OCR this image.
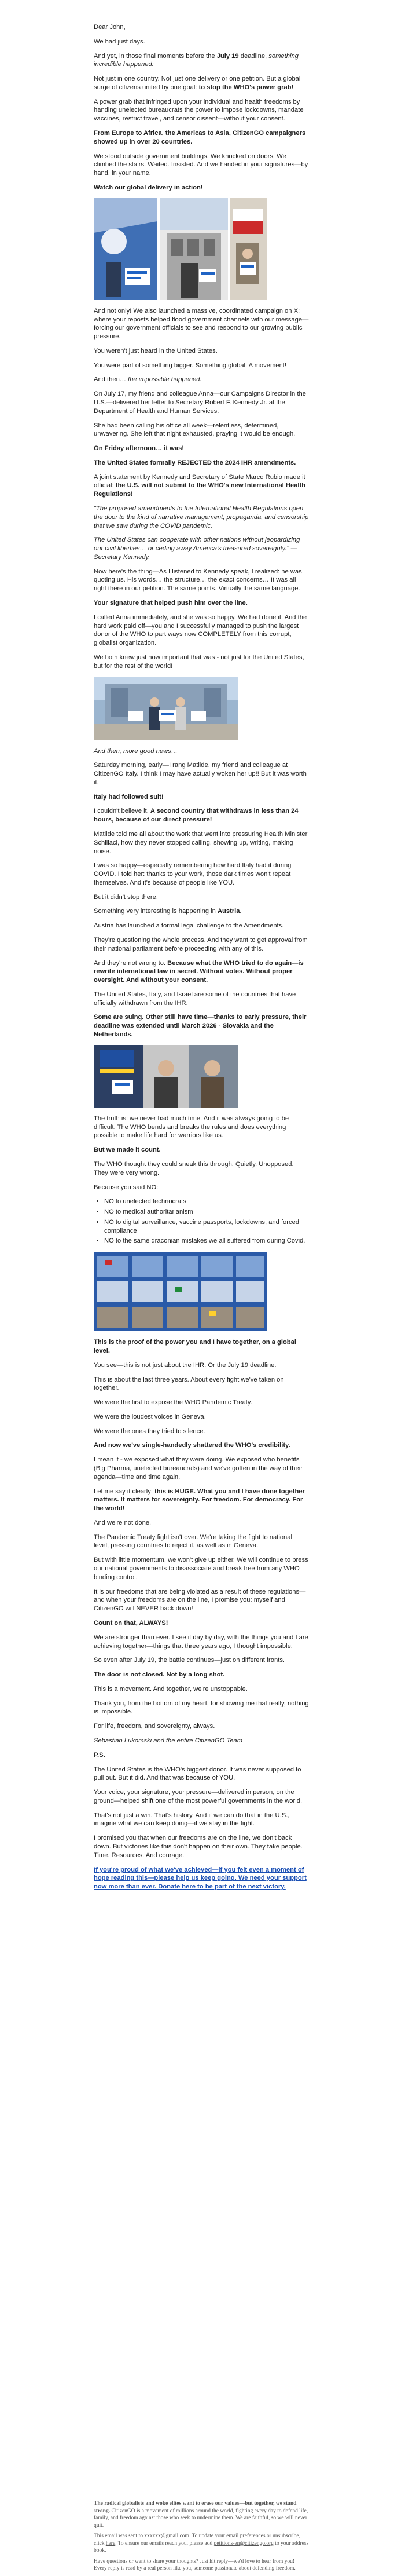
Dear John,

We had just days.

And yet, in those final moments before the July 19 deadline, something incredible happened:

Not just in one country. Not just one delivery or one petition. But a global surge of citizens united by one goal: to stop the WHO's power grab!

A power grab that infringed upon your individual and health freedoms by handing unelected bureaucrats the power to impose lockdowns, mandate vaccines, restrict travel, and censor dissent—without your consent.

From Europe to Africa, the Americas to Asia, CitizenGO campaigners showed up in over 20 countries.

We stood outside government buildings. We knocked on doors. We climbed the stairs. Waited. Insisted. And we handed in your signatures—by hand, in your name.

Watch our global delivery in action!

And not only! We also launched a massive, coordinated campaign on X; where your reposts helped flood government channels with our message—forcing our government officials to see and respond to our growing public pressure.

You weren't just heard in the United States.

You were part of something bigger. Something global. A movement!

And then… the impossible happened.

On July 17, my friend and colleague Anna—our Campaigns Director in the U.S.—delivered her letter to Secretary Robert F. Kennedy Jr. at the Department of Health and Human Services.

She had been calling his office all week—relentless, determined, unwavering. She left that night exhausted, praying it would be enough.

On Friday afternoon… it was!

The United States formally REJECTED the 2024 IHR amendments.

A joint statement by Kennedy and Secretary of State Marco Rubio made it official: the U.S. will not submit to the WHO's new International Health Regulations!

"The proposed amendments to the International Health Regulations open the door to the kind of narrative management, propaganda, and censorship that we saw during the COVID pandemic.

The United States can cooperate with other nations without jeopardizing our civil liberties… or ceding away America's treasured sovereignty." — Secretary Kennedy.

Now here's the thing—As I listened to Kennedy speak, I realized: he was quoting us. His words… the structure… the exact concerns… It was all right there in our petition. The same points. Virtually the same language.

Your signature that helped push him over the line.

I called Anna immediately, and she was so happy. We had done it. And the hard work paid off—you and I successfully managed to push the largest donor of the WHO to part ways now COMPLETELY from this corrupt, globalist organization.

We both knew just how important that was - not just for the United States, but for the rest of the world!

And then, more good news…

Saturday morning, early—I rang Matilde, my friend and colleague at CitizenGO Italy. I think I may have actually woken her up!! But it was worth it.

Italy had followed suit!

I couldn't believe it. A second country that withdraws in less than 24 hours, because of our direct pressure!

Matilde told me all about the work that went into pressuring Health Minister Schillaci, how they never stopped calling, showing up, writing, making noise.

I was so happy—especially remembering how hard Italy had it during COVID. I told her: thanks to your work, those dark times won't repeat themselves. And it's because of people like YOU.

But it didn't stop there.

Something very interesting is happening in Austria.

Austria has launched a formal legal challenge to the Amendments.

They're questioning the whole process. And they want to get approval from their national parliament before proceeding with any of this.

And they're not wrong to. Because what the WHO tried to do again—is rewrite international law in secret. Without votes. Without proper oversight. And without your consent.

The United States, Italy, and Israel are some of the countries that have officially withdrawn from the IHR.

Some are suing. Other still have time—thanks to early pressure, their deadline was extended until March 2026 - Slovakia and the Netherlands.

The truth is: we never had much time. And it was always going to be difficult. The WHO bends and breaks the rules and does everything possible to make life hard for warriors like us.

But we made it count.

The WHO thought they could sneak this through. Quietly. Unopposed. They were very wrong.

Because you said NO:

• NO to unelected technocrats
• NO to medical authoritarianism
• NO to digital surveillance, vaccine passports, lockdowns, and forced compliance
• NO to the same draconian mistakes we all suffered from during Covid.

This is the proof of the power you and I have together, on a global level.

You see—this is not just about the IHR. Or the July 19 deadline.

This is about the last three years. About every fight we've taken on together.

We were the first to expose the WHO Pandemic Treaty.

We were the loudest voices in Geneva.

We were the ones they tried to silence.

And now we've single-handedly shattered the WHO's credibility.

I mean it - we exposed what they were doing. We exposed who benefits (Big Pharma, unelected bureaucrats) and we've gotten in the way of their agenda—time and time again.

Let me say it clearly: this is HUGE. What you and I have done together matters. It matters for sovereignty. For freedom. For democracy. For the world!

And we're not done.

The Pandemic Treaty fight isn't over. We're taking the fight to national level, pressing countries to reject it, as well as in Geneva.

But with little momentum, we won't give up either. We will continue to press our national governments to disassociate and break free from any WHO binding control.

It is our freedoms that are being violated as a result of these regulations—and when your freedoms are on the line, I promise you: myself and CitizenGO will NEVER back down!

Count on that, ALWAYS!

We are stronger than ever. I see it day by day, with the things you and I are achieving together—things that three years ago, I thought impossible.

So even after July 19, the battle continues—just on different fronts.

The door is not closed. Not by a long shot.

This is a movement. And together, we're unstoppable.

Thank you, from the bottom of my heart, for showing me that really, nothing is impossible.

For life, freedom, and sovereignty, always.

Sebastian Lukomski and the entire CitizenGO Team

P.S.

The United States is the WHO's biggest donor. It was never supposed to pull out. But it did. And that was because of YOU.

Your voice, your signature, your pressure—delivered in person, on the ground—helped shift one of the most powerful governments in the world.

That's not just a win. That's history. And if we can do that in the U.S., imagine what we can keep doing—if we stay in the fight.

I promised you that when our freedoms are on the line, we don't back down. But victories like this don't happen on their own. They take people. Time. Resources. And courage.

If you're proud of what we've achieved—if you felt even a moment of hope reading this—please help us keep going. We need your support now more than ever. Donate here to be part of the next victory.

The radical globalists and woke elites want to erase our values—but together, we stand strong. CitizenGO is a movement of millions around the world, fighting every day to defend life, family, and freedom against those who seek to undermine them. We are faithful, so we will never quit.

This email was sent to xxxxxx@gmail.com. To update your email preferences or unsubscribe, click here. To ensure our emails reach you, please add petitions-en@citizengo.org to your address book.

Have questions or want to share your thoughts? Just hit reply—we'd love to hear from you! Every reply is read by a real person like you, someone passionate about defending freedom.
